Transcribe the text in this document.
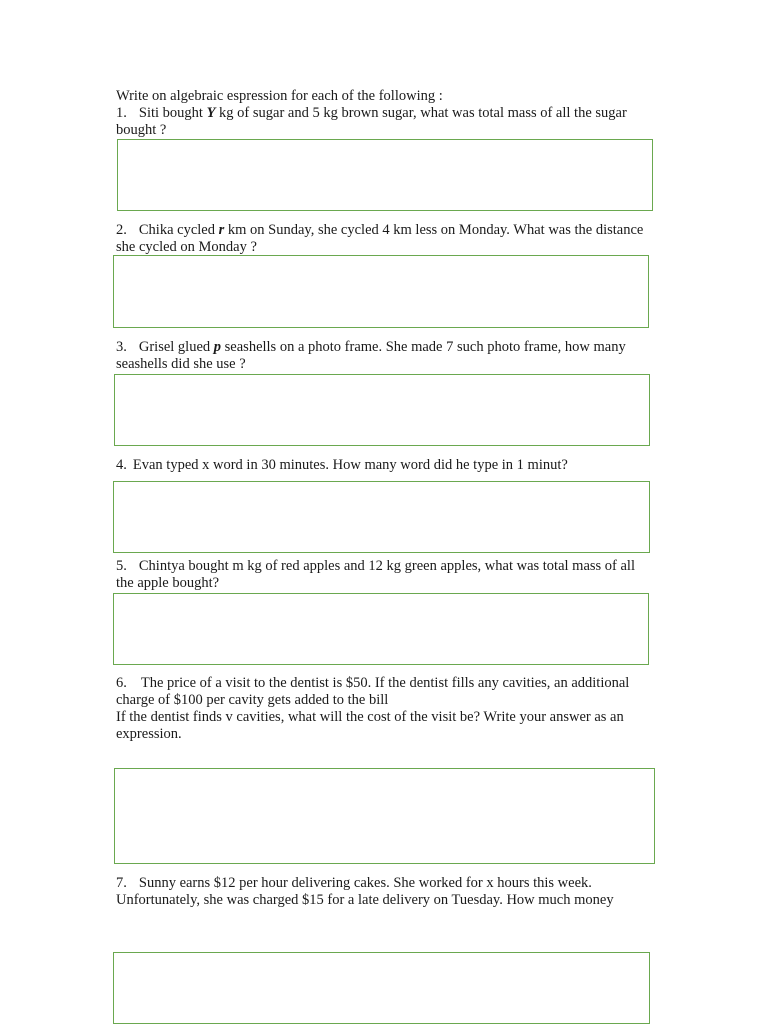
Write on algebraic espression for each of the following :
1. Siti bought Y kg of sugar and 5 kg brown sugar, what was total mass of all the sugar bought ?
2. Chika cycled r km on Sunday, she cycled 4 km less on Monday. What was the distance she cycled on Monday ?
3. Grisel glued p seashells on a photo frame. She made 7 such photo frame, how many seashells did she use ?
4. Evan typed x word in 30 minutes. How many word did he type in 1 minut?
5. Chintya bought m kg of red apples and 12 kg green apples, what was total mass of all the apple bought?
6. The price of a visit to the dentist is $50. If the dentist fills any cavities, an additional charge of $100 per cavity gets added to the bill
If the dentist finds v cavities, what will the cost of the visit be? Write your answer as an expression.
7. Sunny earns $12 per hour delivering cakes. She worked for x hours this week. Unfortunately, she was charged $15 for a late delivery on Tuesday. How much money
